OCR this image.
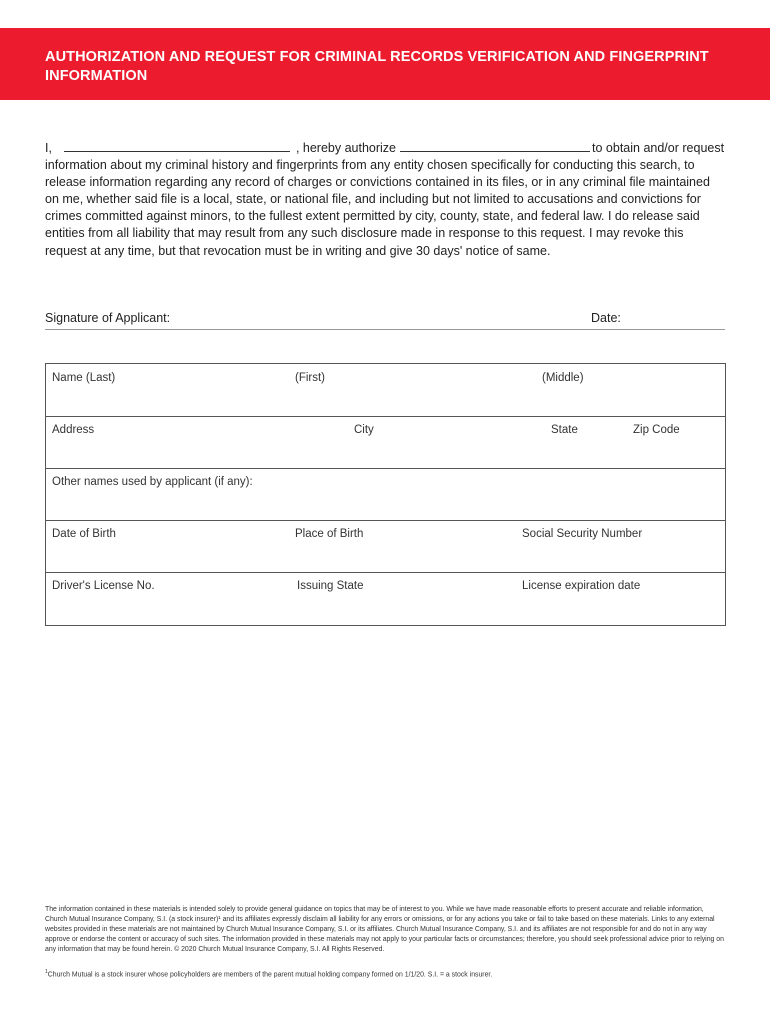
AUTHORIZATION AND REQUEST FOR CRIMINAL RECORDS VERIFICATION AND FINGERPRINT INFORMATION

I,	, hereby authorize	to obtain and/or request information about my criminal history and fingerprints from any entity chosen specifically for conducting this search, to release information regarding any record of charges or convictions contained in its files, or in any criminal file maintained on me, whether said file is a local, state, or national file, and including but not limited to accusations and convictions for crimes committed against minors, to the fullest extent permitted by city, county, state, and federal law. I do release said entities from all liability that may result from any such disclosure made in response to this request. I may revoke this request at any time, but that revocation must be in writing and give 30 days' notice of same.

Signature of Applicant:	Date:
Name (Last)	(First)	(Middle)
Address	City	State	Zip Code
Other names used by applicant (if any):
Date of Birth	Place of Birth	Social Security Number
Driver's License No.	Issuing State	License expiration date

The information contained in these materials is intended solely to provide general guidance on topics that may be of interest to you. While we have made reasonable efforts to present accurate and reliable information, Church Mutual Insurance Company, S.I. (a stock insurer)¹ and its affiliates expressly disclaim all liability for any errors or omissions, or for any actions you take or fail to take based on these materials. Links to any external websites provided in these materials are not maintained by Church Mutual Insurance Company, S.I. or its affiliates. Church Mutual Insurance Company, S.I. and its affiliates are not responsible for and do not in any way approve or endorse the content or accuracy of such sites. The information provided in these materials may not apply to your particular facts or circumstances; therefore, you should seek professional advice prior to relying on any information that may be found herein. © 2020 Church Mutual Insurance Company, S.I. All Rights Reserved.

$^1$Church Mutual is a stock insurer whose policyholders are members of the parent mutual holding company formed on 1/1/20. S.I. = a stock insurer.
